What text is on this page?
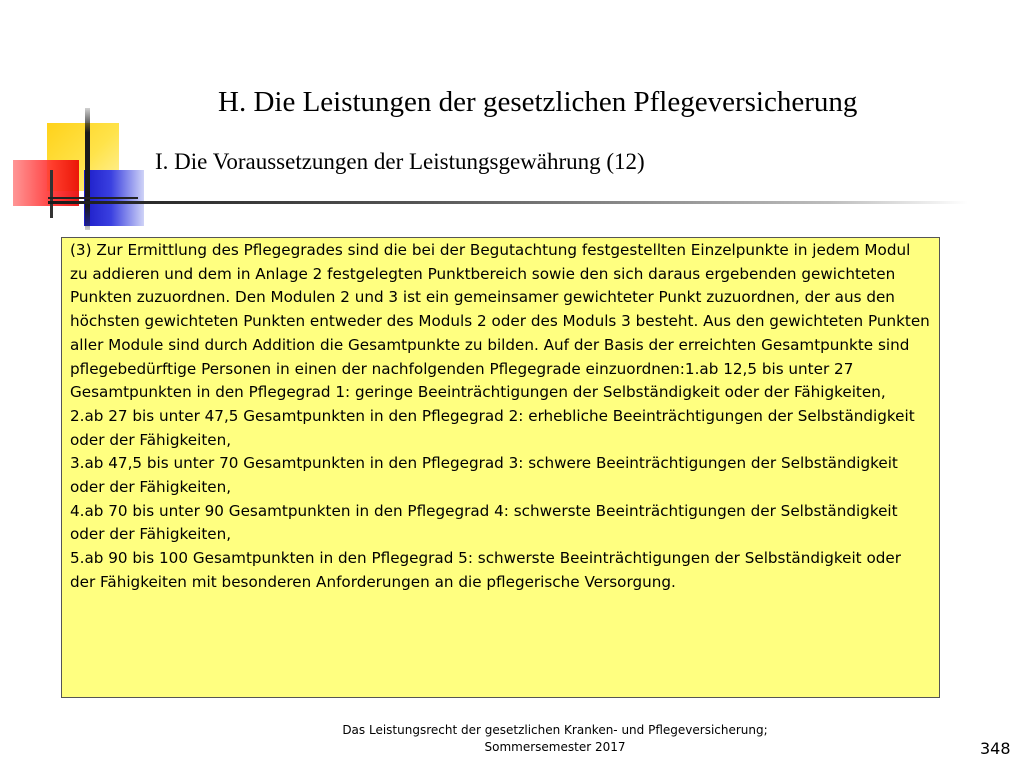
H. Die Leistungen der gesetzlichen Pflegeversicherung
I. Die Voraussetzungen der Leistungsgewährung (12)

(3) Zur Ermittlung des Pflegegrades sind die bei der Begutachtung festgestellten Einzelpunkte in jedem Modul zu addieren und dem in Anlage 2 festgelegten Punktbereich sowie den sich daraus ergebenden gewichteten Punkten zuzuordnen. Den Modulen 2 und 3 ist ein gemeinsamer gewichteter Punkt zuzuordnen, der aus den höchsten gewichteten Punkten entweder des Moduls 2 oder des Moduls 3 besteht. Aus den gewichteten Punkten aller Module sind durch Addition die Gesamtpunkte zu bilden. Auf der Basis der erreichten Gesamtpunkte sind pflegebedürftige Personen in einen der nachfolgenden Pflegegrade einzuordnen:1.ab 12,5 bis unter 27 Gesamtpunkten in den Pflegegrad 1: geringe Beeinträchtigungen der Selbständigkeit oder der Fähigkeiten,

2.ab 27 bis unter 47,5 Gesamtpunkten in den Pflegegrad 2: erhebliche Beeinträchtigungen der Selbständigkeit oder der Fähigkeiten,

3.ab 47,5 bis unter 70 Gesamtpunkten in den Pflegegrad 3: schwere Beeinträchtigungen der Selbständigkeit oder der Fähigkeiten,

4.ab 70 bis unter 90 Gesamtpunkten in den Pflegegrad 4: schwerste Beeinträchtigungen der Selbständigkeit oder der Fähigkeiten,

5.ab 90 bis 100 Gesamtpunkten in den Pflegegrad 5: schwerste Beeinträchtigungen der Selbständigkeit oder der Fähigkeiten mit besonderen Anforderungen an die pflegerische Versorgung.

Das Leistungsrecht der gesetzlichen Kranken- und Pflegeversicherung;
Sommersemester 2017	348
